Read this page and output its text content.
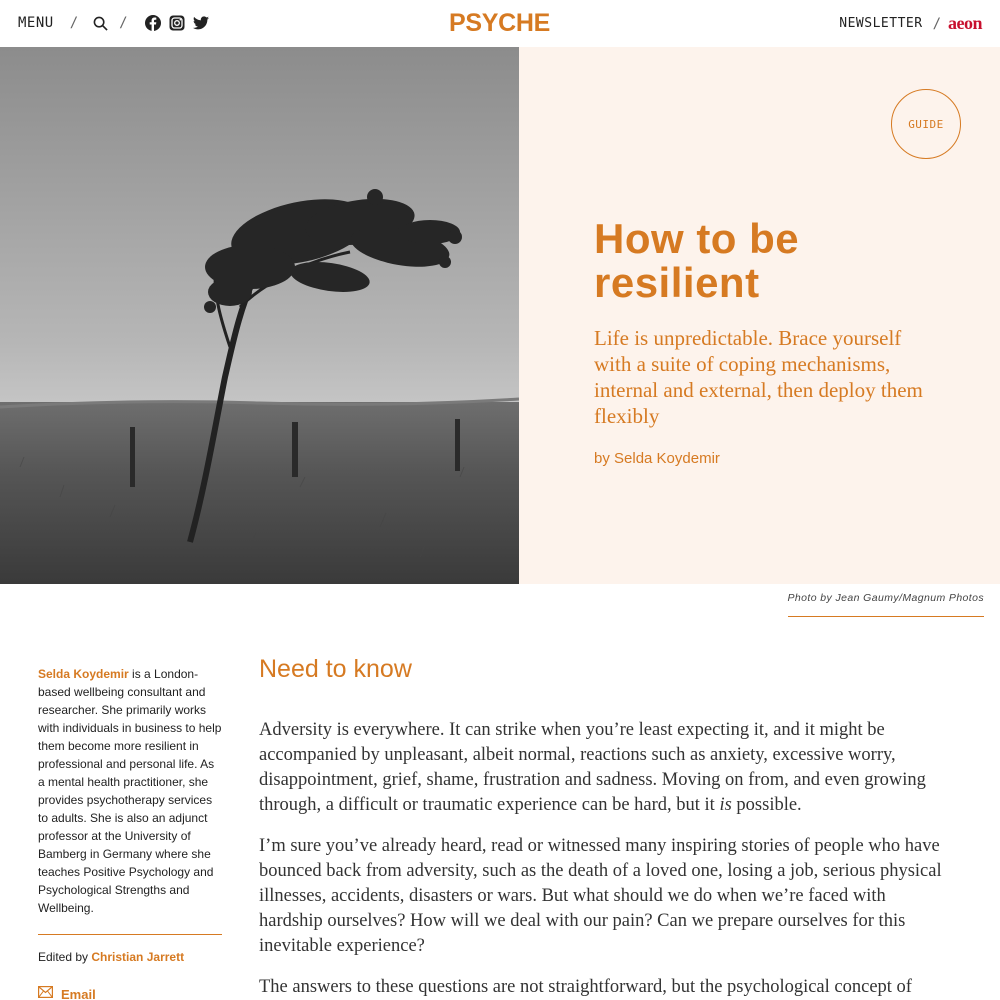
MENU /	/	PSYCHE	NEWSLETTER / aeon
GUIDE
How to be resilient

Life is unpredictable. Brace yourself with a suite of coping mechanisms, internal and external, then deploy them flexibly

by Selda Koydemir
Photo by Jean Gaumy/Magnum Photos

Selda Koydemir is a London-based wellbeing consultant and researcher. She primarily works with individuals in business to help them become more resilient in professional and personal life. As a mental health practitioner, she provides psychotherapy services to adults. She is also an adjunct professor at the University of Bamberg in Germany where she teaches Positive Psychology and Psychological Strengths and Wellbeing.

Edited by Christian Jarrett

Email
Need to know

Adversity is everywhere. It can strike when you’re least expecting it, and it might be accompanied by unpleasant, albeit normal, reactions such as anxiety, excessive worry, disappointment, grief, shame, frustration and sadness. Moving on from, and even growing through, a difficult or traumatic experience can be hard, but it is possible.

I’m sure you’ve already heard, read or witnessed many inspiring stories of people who have bounced back from adversity, such as the death of a loved one, losing a job, serious physical illnesses, accidents, disasters or wars. But what should we do when we’re faced with hardship ourselves? How will we deal with our pain? Can we prepare ourselves for this inevitable experience?

The answers to these questions are not straightforward, but the psychological concept of
